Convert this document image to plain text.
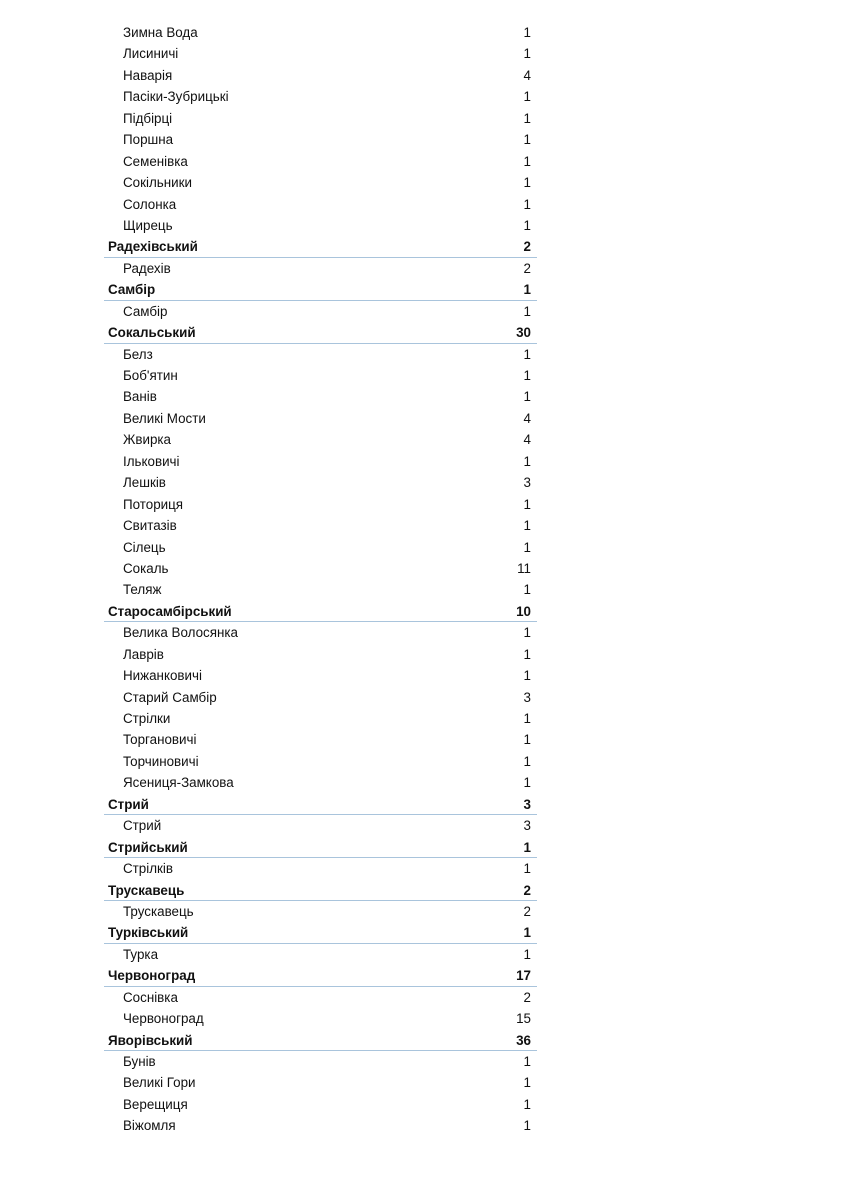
Зимна Вода	1
Лисиничі	1
Наварія	4
Пасіки-Зубрицькі	1
Підбірці	1
Поршна	1
Семенівка	1
Сокільники	1
Солонка	1
Щирець	1
Радехівський	2
Радехів	2
Самбір	1
Самбір	1
Сокальський	30
Белз	1
Боб'ятин	1
Ванів	1
Великі Мости	4
Жвирка	4
Ільковичі	1
Лешків	3
Поториця	1
Свитазів	1
Сілець	1
Сокаль	11
Теляж	1
Старосамбірський	10
Велика Волосянка	1
Лаврів	1
Нижанковичі	1
Старий Самбір	3
Стрілки	1
Торгановичі	1
Торчиновичі	1
Ясениця-Замкова	1
Стрий	3
Стрий	3
Стрийський	1
Стрілків	1
Трускавець	2
Трускавець	2
Турківський	1
Турка	1
Червоноград	17
Соснівка	2
Червоноград	15
Яворівський	36
Бунів	1
Великі Гори	1
Верещиця	1
Віжомля	1
